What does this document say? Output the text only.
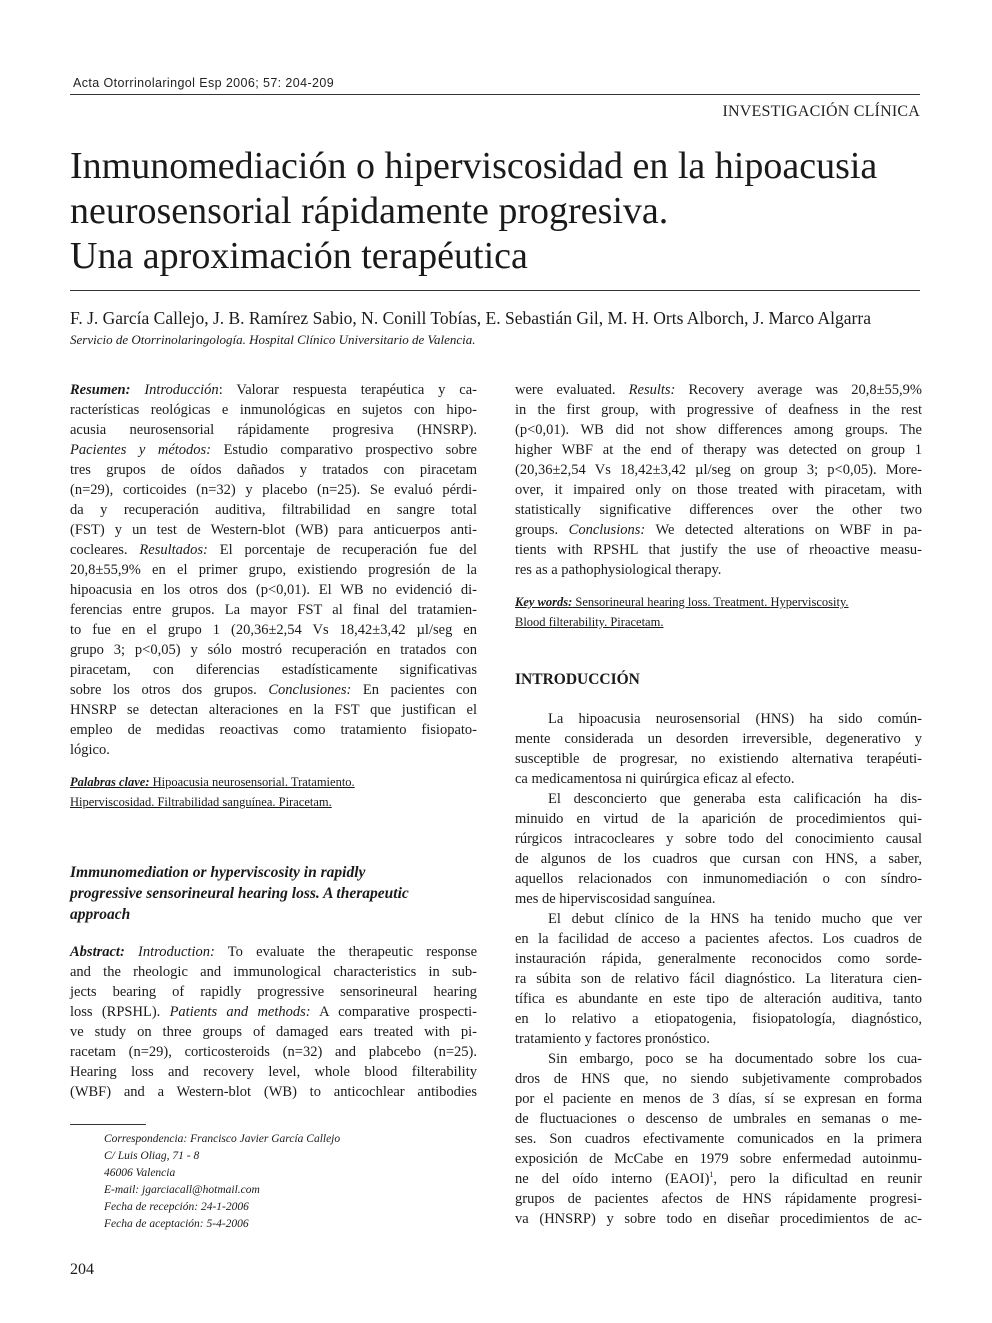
Acta Otorrinolaringol Esp 2006; 57: 204-209
INVESTIGACIÓN CLÍNICA
Inmunomediación o hiperviscosidad en la hipoacusia
neurosensorial rápidamente progresiva.
Una aproximación terapéutica
F. J. García Callejo, J. B. Ramírez Sabio, N. Conill Tobías, E. Sebastián Gil, M. H. Orts Alborch, J. Marco Algarra
Servicio de Otorrinolaringología. Hospital Clínico Universitario de Valencia.
Resumen: Introducción: Valorar respuesta terapéutica y ca-
racterísticas reológicas e inmunológicas en sujetos con hipo-
acusia neurosensorial rápidamente progresiva (HNSRP).
Pacientes y métodos: Estudio comparativo prospectivo sobre
tres grupos de oídos dañados y tratados con piracetam
(n=29), corticoides (n=32) y placebo (n=25). Se evaluó pérdi-
da y recuperación auditiva, filtrabilidad en sangre total
(FST) y un test de Western-blot (WB) para anticuerpos anti-
cocleares. Resultados: El porcentaje de recuperación fue del
20,8±55,9% en el primer grupo, existiendo progresión de la
hipoacusia en los otros dos (p<0,01). El WB no evidenció di-
ferencias entre grupos. La mayor FST al final del tratamien-
to fue en el grupo 1 (20,36±2,54 Vs 18,42±3,42 µl/seg en
grupo 3; p<0,05) y sólo mostró recuperación en tratados con
piracetam, con diferencias estadísticamente significativas
sobre los otros dos grupos. Conclusiones: En pacientes con
HNSRP se detectan alteraciones en la FST que justifican el
empleo de medidas reoactivas como tratamiento fisiopato-
lógico.
Palabras clave: Hipoacusia neurosensorial. Tratamiento.
Hiperviscosidad. Filtrabilidad sanguínea. Piracetam.
Immunomediation or hyperviscosity in rapidly
progressive sensorineural hearing loss. A therapeutic
approach
Abstract: Introduction: To evaluate the therapeutic response
and the rheologic and immunological characteristics in sub-
jects bearing of rapidly progressive sensorineural hearing
loss (RPSHL). Patients and methods: A comparative prospecti-
ve study on three groups of damaged ears treated with pi-
racetam (n=29), corticosteroids (n=32) and plabcebo (n=25).
Hearing loss and recovery level, whole blood filterability
(WBF) and a Western-blot (WB) to anticochlear antibodies
Correspondencia: Francisco Javier García Callejo
C/ Luis Oliag, 71 - 8
46006 Valencia
E-mail: jgarciacall@hotmail.com
Fecha de recepción: 24-1-2006
Fecha de aceptación: 5-4-2006
204
were evaluated. Results: Recovery average was 20,8±55,9%
in the first group, with progressive of deafness in the rest
(p<0,01). WB did not show differences among groups. The
higher WBF at the end of therapy was detected on group 1
(20,36±2,54 Vs 18,42±3,42 µl/seg on group 3; p<0,05). More-
over, it impaired only on those treated with piracetam, with
statistically significative differences over the other two
groups. Conclusions: We detected alterations on WBF in pa-
tients with RPSHL that justify the use of rheoactive measu-
res as a pathophysiological therapy.
Key words: Sensorineural hearing loss. Treatment. Hyperviscosity.
Blood filterability. Piracetam.
INTRODUCCIÓN
La hipoacusia neurosensorial (HNS) ha sido común-
mente considerada un desorden irreversible, degenerativo y
susceptible de progresar, no existiendo alternativa terapéuti-
ca medicamentosa ni quirúrgica eficaz al efecto.
El desconcierto que generaba esta calificación ha dis-
minuido en virtud de la aparición de procedimientos qui-
rúrgicos intracocleares y sobre todo del conocimiento causal
de algunos de los cuadros que cursan con HNS, a saber,
aquellos relacionados con inmunomediación o con síndro-
mes de hiperviscosidad sanguínea.
El debut clínico de la HNS ha tenido mucho que ver
en la facilidad de acceso a pacientes afectos. Los cuadros de
instauración rápida, generalmente reconocidos como sorde-
ra súbita son de relativo fácil diagnóstico. La literatura cien-
tífica es abundante en este tipo de alteración auditiva, tanto
en lo relativo a etiopatogenia, fisiopatología, diagnóstico,
tratamiento y factores pronóstico.
Sin embargo, poco se ha documentado sobre los cua-
dros de HNS que, no siendo subjetivamente comprobados
por el paciente en menos de 3 días, sí se expresan en forma
de fluctuaciones o descenso de umbrales en semanas o me-
ses. Son cuadros efectivamente comunicados en la primera
exposición de McCabe en 1979 sobre enfermedad autoinmu-
ne del oído interno (EAOI)$^1$, pero la dificultad en reunir
grupos de pacientes afectos de HNS rápidamente progresi-
va (HNSRP) y sobre todo en diseñar procedimientos de ac-
